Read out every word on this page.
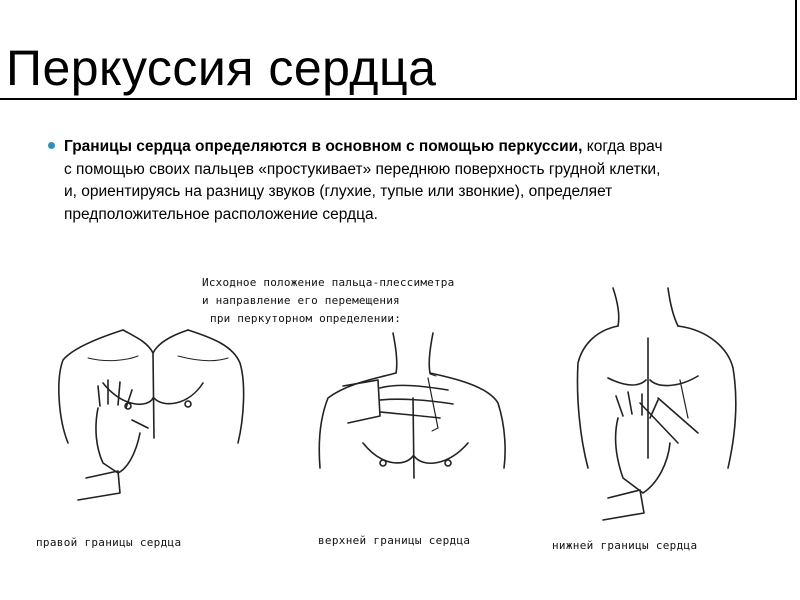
Перкуссия сердца
Границы сердца определяются в основном с помощью перкуссии, когда врач с помощью своих пальцев «простукивает» переднюю поверхность грудной клетки, и, ориентируясь на разницу звуков (глухие, тупые или звонкие), определяет предположительное расположение сердца.
Исходное положение пальца-плессиметра
и направление его перемещения
при перкуторном определении:
правой границы сердца	верхней границы сердца	нижней границы сердца
